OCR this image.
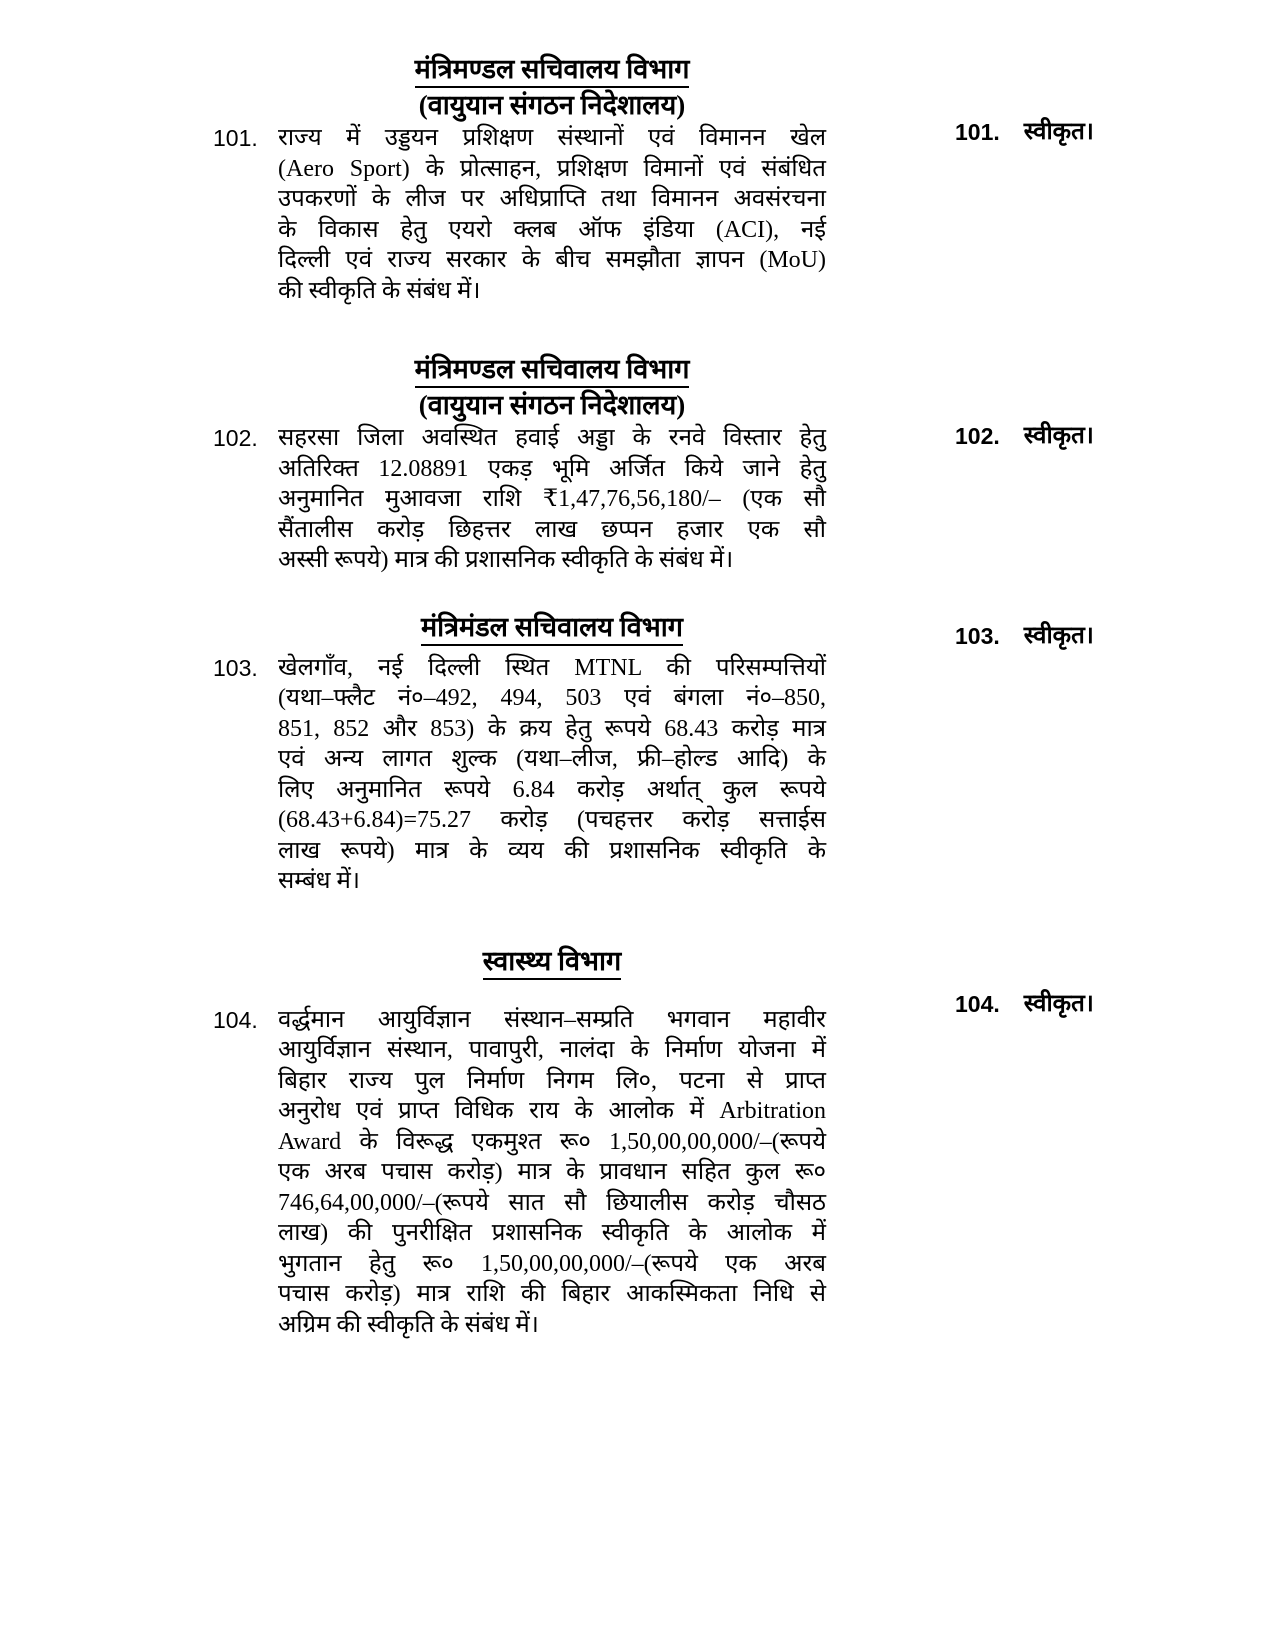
मंत्रिमण्डल सचिवालय विभाग
(वायुयान संगठन निदेशालय)
101. राज्य में उड्डयन प्रशिक्षण संस्थानों एवं विमानन खेल
(Aero Sport) के प्रोत्साहन, प्रशिक्षण विमानों एवं संबंधित
उपकरणों के लीज पर अधिप्राप्ति तथा विमानन अवसंरचना
के विकास हेतु एयरो क्लब ऑफ इंडिया (ACI), नई
दिल्ली एवं राज्य सरकार के बीच समझौता ज्ञापन (MoU)
की स्वीकृति के संबंध में।
101. स्वीकृत।
मंत्रिमण्डल सचिवालय विभाग
(वायुयान संगठन निदेशालय)
102. सहरसा जिला अवस्थित हवाई अड्डा के रनवे विस्तार हेतु
अतिरिक्त 12.08891 एकड़ भूमि अर्जित किये जाने हेतु
अनुमानित मुआवजा राशि ₹1,47,76,56,180/– (एक सौ
सैंतालीस करोड़ छिहत्तर लाख छप्पन हजार एक सौ
अस्सी रूपये) मात्र की प्रशासनिक स्वीकृति के संबंध में।
102. स्वीकृत।
मंत्रिमंडल सचिवालय विभाग
103. खेलगाँव, नई दिल्ली स्थित MTNL की परिसम्पत्तियों
(यथा–फ्लैट नं०–492, 494, 503 एवं बंगला नं०–850,
851, 852 और 853) के क्रय हेतु रूपये 68.43 करोड़ मात्र
एवं अन्य लागत शुल्क (यथा–लीज, फ्री–होल्ड आदि) के
लिए अनुमानित रूपये 6.84 करोड़ अर्थात् कुल रूपये
(68.43+6.84)=75.27 करोड़ (पचहत्तर करोड़ सत्ताईस
लाख रूपये) मात्र के व्यय की प्रशासनिक स्वीकृति के
सम्बंध में।
103. स्वीकृत।
स्वास्थ्य विभाग
104. वर्द्धमान आयुर्विज्ञान संस्थान–सम्प्रति भगवान महावीर
आयुर्विज्ञान संस्थान, पावापुरी, नालंदा के निर्माण योजना में
बिहार राज्य पुल निर्माण निगम लि०, पटना से प्राप्त
अनुरोध एवं प्राप्त विधिक राय के आलोक में Arbitration
Award के विरूद्ध एकमुश्त रू० 1,50,00,00,000/–(रूपये
एक अरब पचास करोड़) मात्र के प्रावधान सहित कुल रू०
746,64,00,000/–(रूपये सात सौ छियालीस करोड़ चौसठ
लाख) की पुनरीक्षित प्रशासनिक स्वीकृति के आलोक में
भुगतान हेतु रू० 1,50,00,00,000/–(रूपये एक अरब
पचास करोड़) मात्र राशि की बिहार आकस्मिकता निधि से
अग्रिम की स्वीकृति के संबंध में।
104. स्वीकृत।
